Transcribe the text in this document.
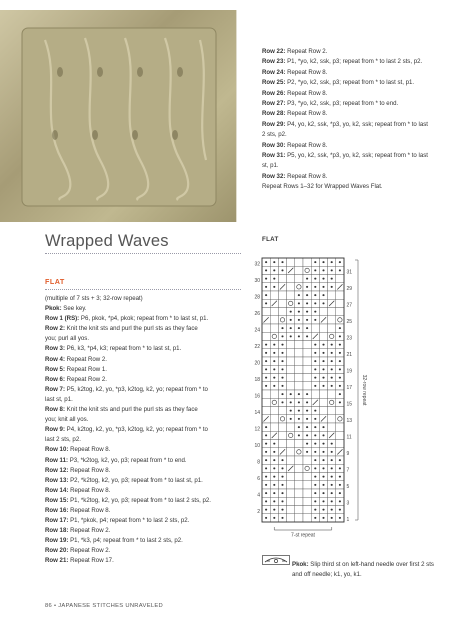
Row 22: Repeat Row 2.
Row 23: P1, *yo, k2, ssk, p3; repeat from * to last 2 sts, p2.
Row 24: Repeat Row 8.
Row 25: P2, *yo, k2, ssk, p3; repeat from * to last st, p1.
Row 26: Repeat Row 8.
Row 27: P3, *yo, k2, ssk, p3; repeat from * to end.
Row 28: Repeat Row 8.
Row 29: P4, yo, k2, ssk, *p3, yo, k2, ssk; repeat from * to last
2 sts, p2.
Row 30: Repeat Row 8.
Row 31: P5, yo, k2, ssk, *p3, yo, k2, ssk; repeat from * to last
st, p1.
Row 32: Repeat Row 8.
Repeat Rows 1–32 for Wrapped Waves Flat.
Wrapped Waves
FLAT
(multiple of 7 sts + 3; 32-row repeat)
Pkok: See key.
Row 1 (RS): P6, pkok, *p4, pkok; repeat from * to last st, p1.
Row 2: Knit the knit sts and purl the purl sts as they face
you; purl all yos.
Row 3: P6, k3, *p4, k3; repeat from * to last st, p1.
Row 4: Repeat Row 2.
Row 5: Repeat Row 1.
Row 6: Repeat Row 2.
Row 7: P5, k2tog, k2, yo, *p3, k2tog, k2, yo; repeat from * to
last st, p1.
Row 8: Knit the knit sts and purl the purl sts as they face
you; knit all yos.
Row 9: P4, k2tog, k2, yo, *p3, k2tog, k2, yo; repeat from * to
last 2 sts, p2.
Row 10: Repeat Row 8.
Row 11: P3, *k2tog, k2, yo, p3; repeat from * to end.
Row 12: Repeat Row 8.
Row 13: P2, *k2tog, k2, yo, p3; repeat from * to last st, p1.
Row 14: Repeat Row 8.
Row 15: P1, *k2tog, k2, yo, p3; repeat from * to last 2 sts, p2.
Row 16: Repeat Row 8.
Row 17: P1, *pkok, p4; repeat from * to last 2 sts, p2.
Row 18: Repeat Row 2.
Row 19: P1, *k3, p4; repeat from * to last 2 sts, p2.
Row 20: Repeat Row 2.
Row 21: Repeat Row 17.
FLAT
32
30
28
26
24
22
20
18
16
14
12
10
8
6
4
2
31
29
27
25
23
21
19
17
15
13
11
9
7
5
3
1
32-row repeat
7-st repeat
Pkok: Slip third st on left-hand needle over first 2 sts and off needle; k1, yo, k1.
86 • JAPANESE STITCHES UNRAVELED
